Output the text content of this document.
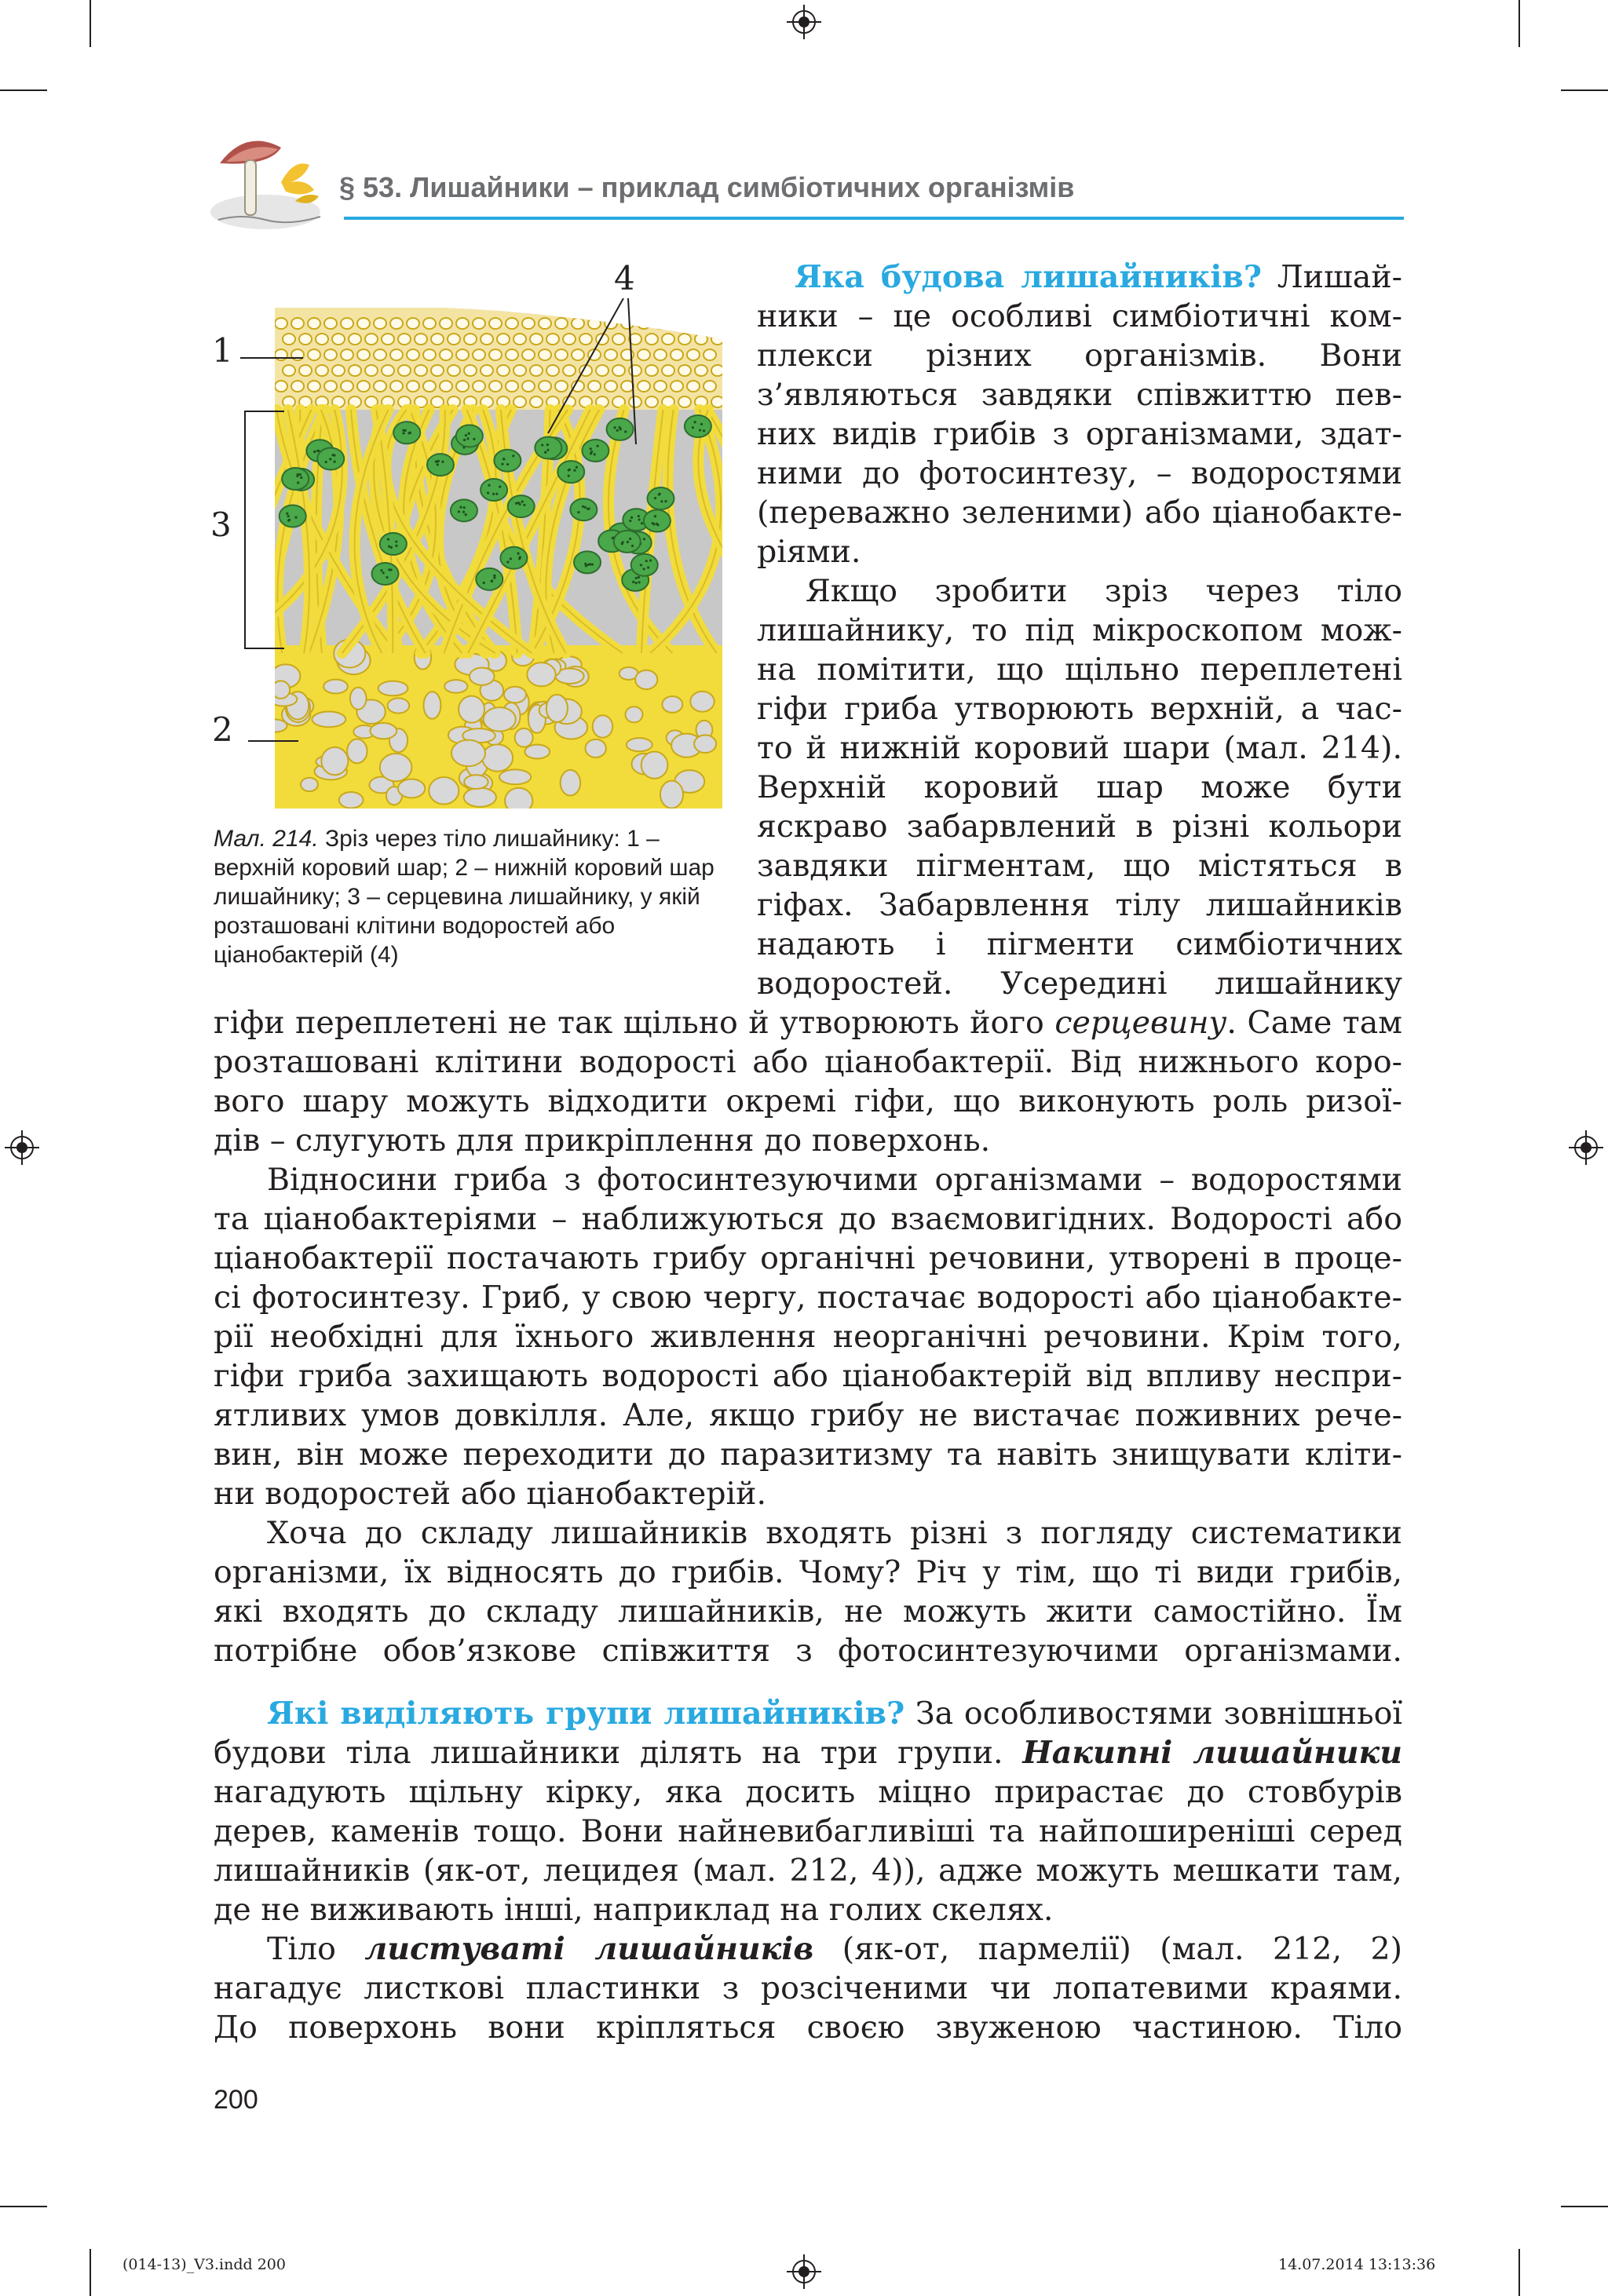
§ 53. Лишайники – приклад симбіотичних організмів
1
3
2
4
Мал. 214. Зріз через тіло лишайнику: 1 – верхній коровий шар; 2 – нижній коровий шар лишайнику; 3 – серцевина лишайнику, у якій розташовані клітини водоростей або ціанобактерій (4)
Яка будова лишайників? Лишай-
ники – це особливі симбіотичні ком-
плекси різних організмів. Вони
з’являються завдяки співжиттю пев-
них видів грибів з організмами, здат-
ними до фотосинтезу, – водоростями
(переважно зеленими) або ціанобакте-
ріями.
Якщо зробити зріз через тіло
лишайнику, то під мікроскопом мож-
на помітити, що щільно переплетені
гіфи гриба утворюють верхній, а час-
то й нижній коровий шари (мал. 214).
Верхній коровий шар може бути
яскраво забарвлений в різні кольори
завдяки пігментам, що містяться в
гіфах. Забарвлення тілу лишайників
надають і пігменти симбіотичних
водоростей. Усередині лишайнику
гіфи переплетені не так щільно й утворюють його серцевину. Саме там
розташовані клітини водорості або ціанобактерії. Від нижнього коро-
вого шару можуть відходити окремі гіфи, що виконують роль ризої-
дів – слугують для прикріплення до поверхонь.
Відносини гриба з фотосинтезуючими організмами – водоростями
та ціанобактеріями – наближуються до взаємовигідних. Водорості або
ціанобактерії постачають грибу органічні речовини, утворені в проце-
сі фотосинтезу. Гриб, у свою чергу, постачає водорості або ціанобакте-
рії необхідні для їхнього живлення неорганічні речовини. Крім того,
гіфи гриба захищають водорості або ціанобактерій від впливу неспри-
ятливих умов довкілля. Але, якщо грибу не вистачає поживних рече-
вин, він може переходити до паразитизму та навіть знищувати кліти-
ни водоростей або ціанобактерій.
Хоча до складу лишайників входять різні з погляду систематики
організми, їх відносять до грибів. Чому? Річ у тім, що ті види грибів,
які входять до складу лишайників, не можуть жити самостійно. Їм
потрібне обов’язкове співжиття з фотосинтезуючими організмами.
Які виділяють групи лишайників? За особливостями зовнішньої
будови тіла лишайники ділять на три групи. Накипні лишайники
нагадують щільну кірку, яка досить міцно прирастає до стовбурів
дерев, каменів тощо. Вони найневибагливіші та найпоширеніші серед
лишайників (як-от, лецидея (мал. 212, 4)), адже можуть мешкати там,
де не виживають інші, наприклад на голих скелях.
Тіло листуваті лишайників (як-от, пармелії) (мал. 212, 2)
нагадує листкові пластинки з розсіченими чи лопатевими краями.
До поверхонь вони кріпляться своєю звуженою частиною. Тіло
200
(014-13)_V3.indd 200	14.07.2014 13:13:36
